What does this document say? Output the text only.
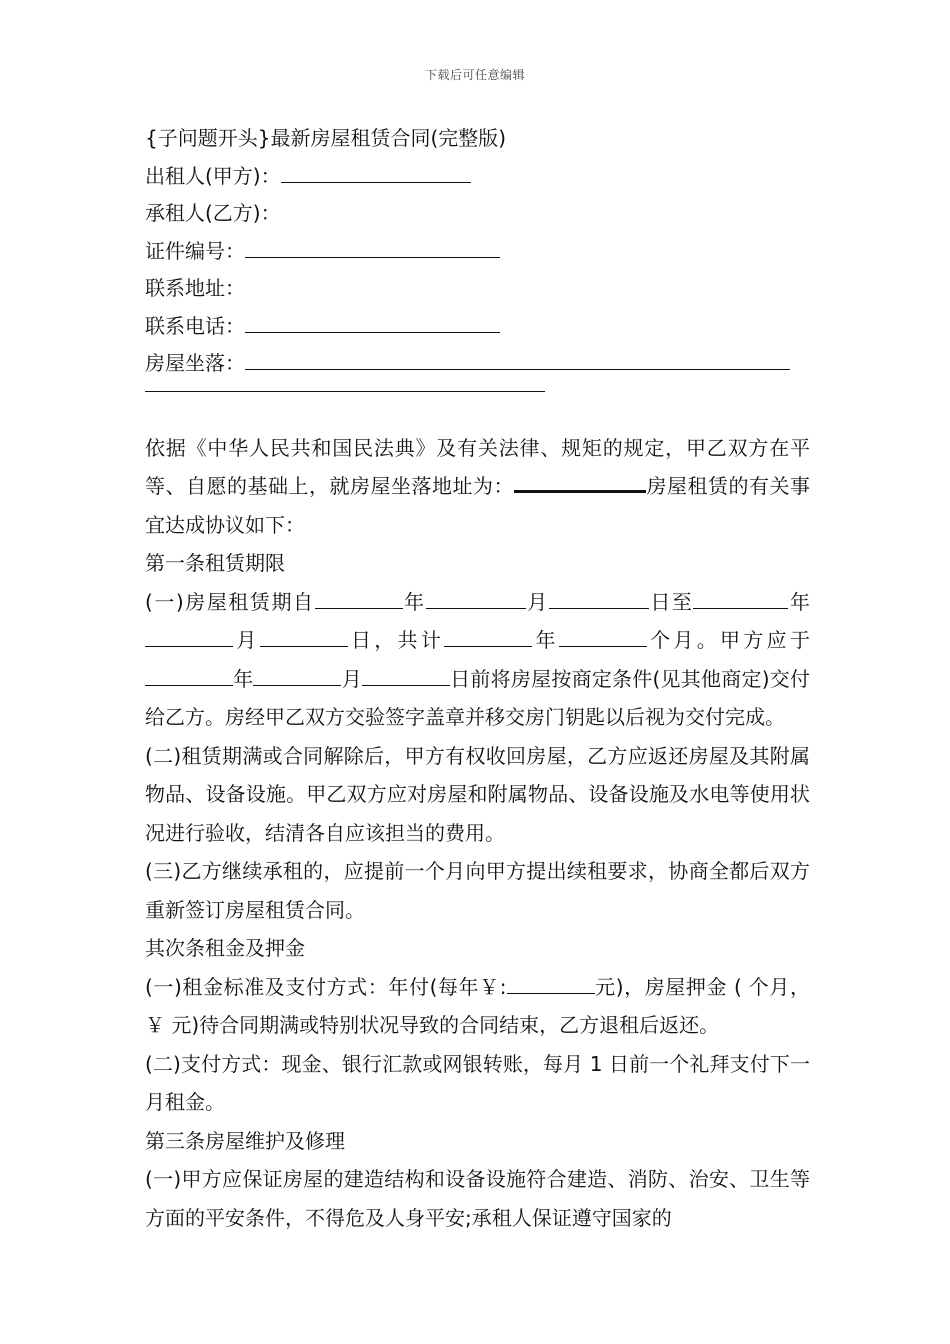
下载后可任意编辑
{子问题开头}最新房屋租赁合同(完整版)
出租人(甲方)：
承租人(乙方)：
证件编号：
联系地址：
联系电话：
房屋坐落：

依据《中华人民共和国民法典》及有关法律、规矩的规定，甲乙双方在平等、自愿的基础上，就房屋坐落地址为：	房屋租赁的有关事宜达成协议如下：

第一条租赁期限

(一)房屋租赁期自	年	月	日至	年月	日，共计	年	个月。甲方应于年	月	日前将房屋按商定条件(见其他商定)交付给乙方。房经甲乙双方交验签字盖章并移交房门钥匙以后视为交付完成。

(二)租赁期满或合同解除后，甲方有权收回房屋，乙方应返还房屋及其附属物品、设备设施。甲乙双方应对房屋和附属物品、设备设施及水电等使用状况进行验收，结清各自应该担当的费用。

(三)乙方继续承租的，应提前一个月向甲方提出续租要求，协商全都后双方重新签订房屋租赁合同。

其次条租金及押金

(一)租金标准及支付方式：年付(每年￥:	元)，房屋押金 ( 个月，￥ 元)待合同期满或特别状况导致的合同结束，乙方退租后返还。

(二)支付方式：现金、银行汇款或网银转账，每月 1 日前一个礼拜支付下一月租金。

第三条房屋维护及修理

(一)甲方应保证房屋的建造结构和设备设施符合建造、消防、治安、卫生等方面的平安条件，不得危及人身平安;承租人保证遵守国家的
